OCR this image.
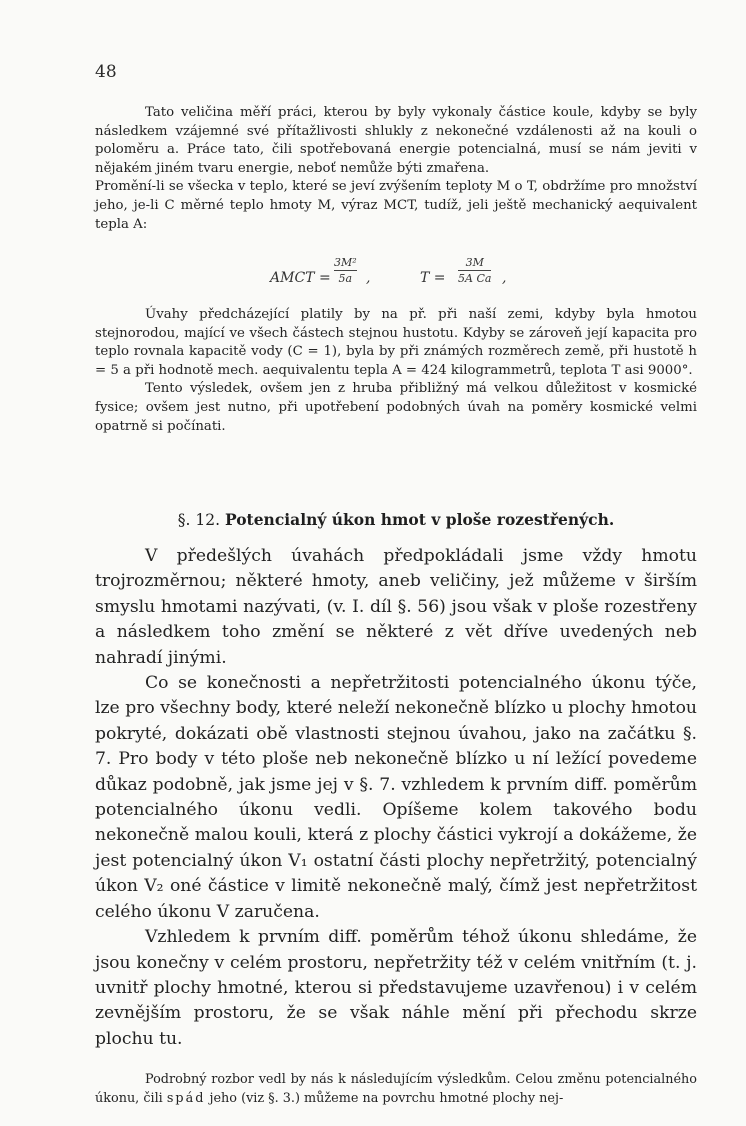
48

Tato veličina měří práci, kterou by byly vykonaly částice koule, kdyby se byly následkem vzájemné své přítažlivosti shlukly z nekonečné vzdálenosti až na kouli o poloměru a. Práce tato, čili spotřebovaná energie potencialná, musí se nám jeviti v nějakém jiném tvaru energie, neboť nemůže býti zmařena.

Promění-li se všecka v teplo, které se jeví zvýšením teploty M o T, obdržíme pro množství jeho, je-li C měrné teplo hmoty M, výraz MCT, tudíž, jeli ještě mechanický aequivalent tepla A:

AMCT =
3M²
5a ,	T =
3M
5A Ca ,

Úvahy předcházející platily by na př. při naší zemi, kdyby byla hmotou stejnorodou, mající ve všech částech stejnou hustotu. Kdyby se zároveň její kapacita pro teplo rovnala kapacitě vody (C = 1), byla by při známých rozměrech země, při hustotě h = 5 a při hodnotě mech. aequivalentu tepla A = 424 kilogrammetrů, teplota T asi 9000°.

Tento výsledek, ovšem jen z hruba přibližný má velkou důležitost v kosmické fysice; ovšem jest nutno, při upotřebení podobných úvah na poměry kosmické velmi opatrně si počínati.

§. 12. Potencialný úkon hmot v ploše rozestřených.

V předešlých úvahách předpokládali jsme vždy hmotu trojrozměrnou; některé hmoty, aneb veličiny, jež můžeme v širším smyslu hmotami nazývati, (v. I. díl §. 56) jsou však v ploše rozestřeny a následkem toho změní se některé z vět dříve uvedených neb nahradí jinými.

Co se konečnosti a nepřetržitosti potencialného úkonu týče, lze pro všechny body, které neleží nekonečně blízko u plochy hmotou pokryté, dokázati obě vlastnosti stejnou úvahou, jako na začátku §. 7. Pro body v této ploše neb nekonečně blízko u ní ležící povedeme důkaz podobně, jak jsme jej v §. 7. vzhledem k prvním diff. poměrům potencialného úkonu vedli. Opíšeme kolem takového bodu nekonečně malou kouli, která z plochy částici vykrojí a dokážeme, že jest potencialný úkon V₁ ostatní části plochy nepřetržitý, potencialný úkon V₂ oné částice v limitě nekonečně malý, čímž jest nepřetržitost celého úkonu V zaručena.

Vzhledem k prvním diff. poměrům téhož úkonu shledáme, že jsou konečny v celém prostoru, nepřetržity též v celém vnitřním (t. j. uvnitř plochy hmotné, kterou si představujeme uzavřenou) i v celém zevnějším prostoru, že se však náhle mění při přechodu skrze plochu tu.

Podrobný rozbor vedl by nás k následujícím výsledkům. Celou změnu potencialného úkonu, čili spád jeho (viz §. 3.) můžeme na povrchu hmotné plochy nej-
